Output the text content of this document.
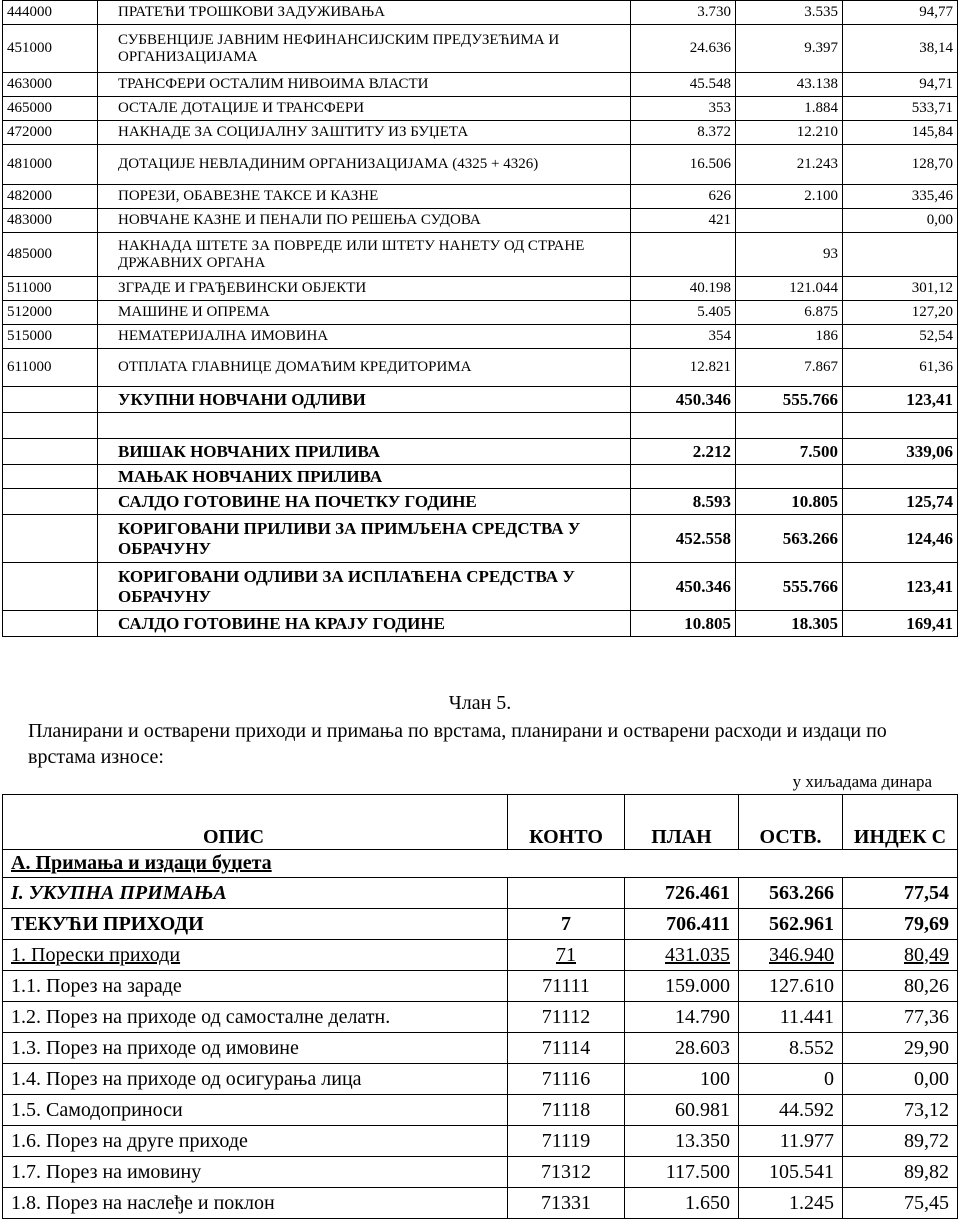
444000	ПРАТЕЋИ ТРОШКОВИ ЗАДУЖИВАЊА	3.730	3.535	94,77
451000	СУБВЕНЦИЈЕ ЈАВНИМ НЕФИНАНСИЈСКИМ ПРЕДУЗЕЋИМА И ОРГАНИЗАЦИЈАМА	24.636	9.397	38,14
463000	ТРАНСФЕРИ ОСТАЛИМ НИВОИМА ВЛАСТИ	45.548	43.138	94,71
465000	ОСТАЛЕ ДОТАЦИЈЕ И ТРАНСФЕРИ	353	1.884	533,71
472000	НАКНАДЕ ЗА СОЦИЈАЛНУ ЗАШТИТУ ИЗ БУЏЕТА	8.372	12.210	145,84
481000	ДОТАЦИЈЕ НЕВЛАДИНИМ ОРГАНИЗАЦИЈАМА (4325 + 4326)	16.506	21.243	128,70
482000	ПОРЕЗИ, ОБАВЕЗНЕ ТАКСЕ И КАЗНЕ	626	2.100	335,46
483000	НОВЧАНЕ КАЗНЕ И ПЕНАЛИ ПО РЕШЕЊА СУДОВА	421		0,00
485000	НАКНАДА ШТЕТЕ ЗА ПОВРЕДЕ ИЛИ ШТЕТУ НАНЕТУ ОД СТРАНЕ ДРЖАВНИХ ОРГАНА		93	
511000	ЗГРАДЕ И ГРАЂЕВИНСКИ ОБЈЕКТИ	40.198	121.044	301,12
512000	МАШИНЕ И ОПРЕМА	5.405	6.875	127,20
515000	НЕМАТЕРИЈАЛНА ИМОВИНА	354	186	52,54
611000	ОТПЛАТА ГЛАВНИЦЕ ДОМАЋИМ КРЕДИТОРИМА	12.821	7.867	61,36
	УКУПНИ НОВЧАНИ ОДЛИВИ	450.346	555.766	123,41

	ВИШАК НОВЧАНИХ ПРИЛИВА	2.212	7.500	339,06
	МАЊАК НОВЧАНИХ ПРИЛИВА			
	САЛДО ГОТОВИНЕ НА ПОЧЕТКУ ГОДИНЕ	8.593	10.805	125,74
	КОРИГОВАНИ ПРИЛИВИ ЗА ПРИМЉЕНА СРЕДСТВА У ОБРАЧУНУ	452.558	563.266	124,46
	КОРИГОВАНИ ОДЛИВИ ЗА ИСПЛАЋЕНА СРЕДСТВА У ОБРАЧУНУ	450.346	555.766	123,41
	САЛДО ГОТОВИНЕ НА КРАЈУ ГОДИНЕ	10.805	18.305	169,41
Члан 5.
Планирани и остварени приходи и примања по врстама, планирани и остварени расходи и издаци по врстама износе:
у хиљадама динара
ОПИС	КОНТО	ПЛАН	ОСТВ.	ИНДЕК С
А. Примања и издаци буџета				
I. УКУПНА ПРИМАЊА		726.461	563.266	77,54
ТЕКУЋИ ПРИХОДИ	7	706.411	562.961	79,69
1. Порески приходи	71	431.035	346.940	80,49
1.1. Порез на зараде	71111	159.000	127.610	80,26
1.2. Порез на приходе од самосталне делатн.	71112	14.790	11.441	77,36
1.3. Порез на приходе од имовине	71114	28.603	8.552	29,90
1.4. Порез на приходе од осигурања лица	71116	100	0	0,00
1.5. Самодоприноси	71118	60.981	44.592	73,12
1.6. Порез на друге приходе	71119	13.350	11.977	89,72
1.7. Порез на имовину	71312	117.500	105.541	89,82
1.8. Порез на наслеђе и поклон	71331	1.650	1.245	75,45
